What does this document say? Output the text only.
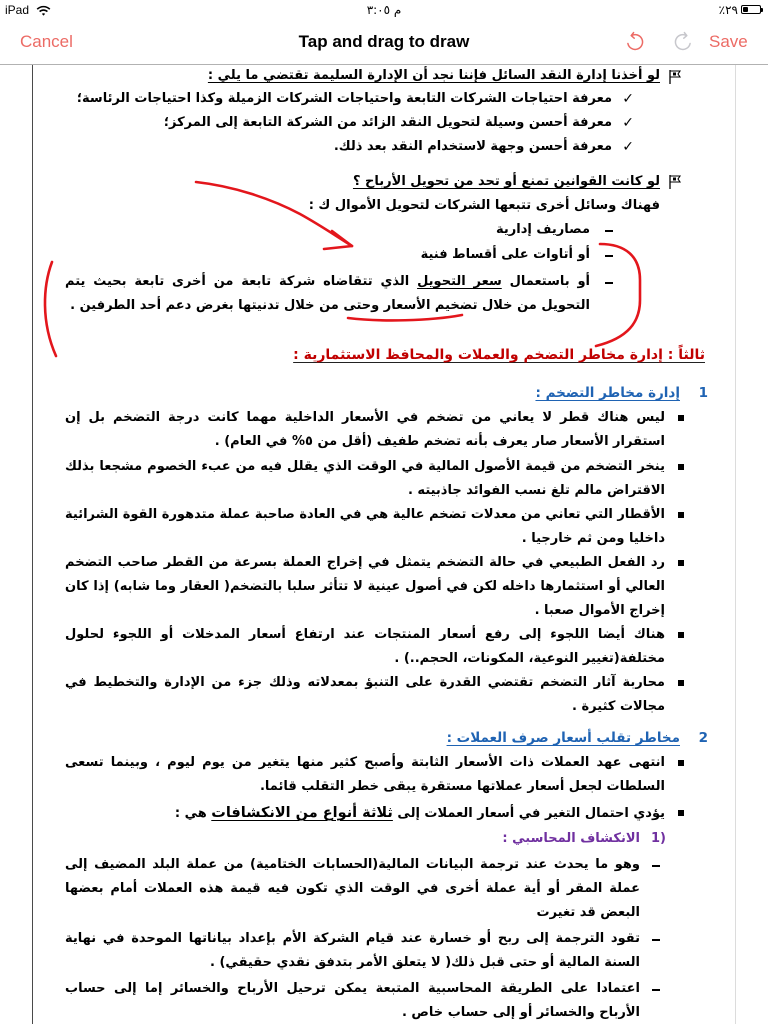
iPad	٣:٠٥ م	٪٢٩
Cancel	Tap and drag to draw	Save
لو أخذنا إدارة النقد السائل فإننا نجد أن الإدارة السليمة تقتضي ما يلي :
✓
معرفة احتياجات الشركات التابعة واحتياجات الشركات الزميلة وكذا احتياجات الرئاسة؛
✓
معرفة أحسن وسيلة لتحويل النقد الزائد من الشركة التابعة إلى المركز؛
✓
معرفة أحسن وجهة لاستخدام النقد بعد ذلك.
لو كانت القوانين تمنع أو تحد من تحويل الأرباح ؟
فهناك وسائل أخرى تتبعها الشركات لتحويل الأموال ك :
مصاريف إدارية
أو أتاوات على أقساط فنية
أو باستعمال سعر التحويل الذي تتقاضاه شركة تابعة من أخرى تابعة بحيث يتم التحويل من خلال تضخيم الأسعار وحتى من خلال تدنيتها بغرض دعم أحد الطرفين .
ثالثاً : إدارة مخاطر التضخم والعملات والمحافظ الاستثمارية :
1
إدارة مخاطر التضخم :
ليس هناك قطر لا يعاني من تضخم في الأسعار الداخلية مهما كانت درجة التضخم بل إن استقرار الأسعار صار يعرف بأنه تضخم طفيف (أقل من ٥% في العام) .
ينخر التضخم من قيمة الأصول المالية في الوقت الذي يقلل فيه من عبء الخصوم مشجعا بذلك الاقتراض مالم تلغ نسب الفوائد جاذبيته .
الأقطار التي تعاني من معدلات تضخم عالية هي في العادة صاحبة عملة متدهورة القوة الشرائية داخليا ومن ثم خارجيا .
رد الفعل الطبيعي في حالة التضخم يتمثل في إخراج العملة بسرعة من القطر صاحب التضخم العالي أو استثمارها داخله لكن في أصول عينية لا تتأثر سلبا بالتضخم( العقار وما شابه) إذا كان إخراج الأموال صعبا .
هناك أيضا اللجوء إلى رفع أسعار المنتجات عند ارتفاع أسعار المدخلات أو اللجوء لحلول مختلفة(تغيير النوعية، المكونات، الحجم..) .
محاربة آثار التضخم تقتضي القدرة على التنبؤ بمعدلاته وذلك جزء من الإدارة والتخطيط في مجالات كثيرة .
2
مخاطر تقلب أسعار صرف العملات :
انتهى عهد العملات ذات الأسعار الثابتة وأصبح كثير منها يتغير من يوم ليوم ، وبينما تسعى السلطات لجعل أسعار عملاتها مستقرة يبقى خطر التقلب قائما.
يؤدي احتمال التغير في أسعار العملات إلى ثلاثة أنواع من الانكشافات هي :
1)
الانكشاف المحاسبي :
وهو ما يحدث عند ترجمة البيانات المالية(الحسابات الختامية) من عملة البلد المضيف إلى عملة المقر أو أية عملة أخرى في الوقت الذي تكون فيه قيمة هذه العملات أمام بعضها البعض قد تغيرت
تقود الترجمة إلى ربح أو خسارة عند قيام الشركة الأم بإعداد بياناتها الموحدة في نهاية السنة المالية أو حتى قبل ذلك( لا يتعلق الأمر بتدفق نقدي حقيقي) .
اعتمادا على الطريقة المحاسبية المتبعة يمكن ترحيل الأرباح والخسائر إما إلى حساب الأرباح والخسائر أو إلى حساب خاص .
